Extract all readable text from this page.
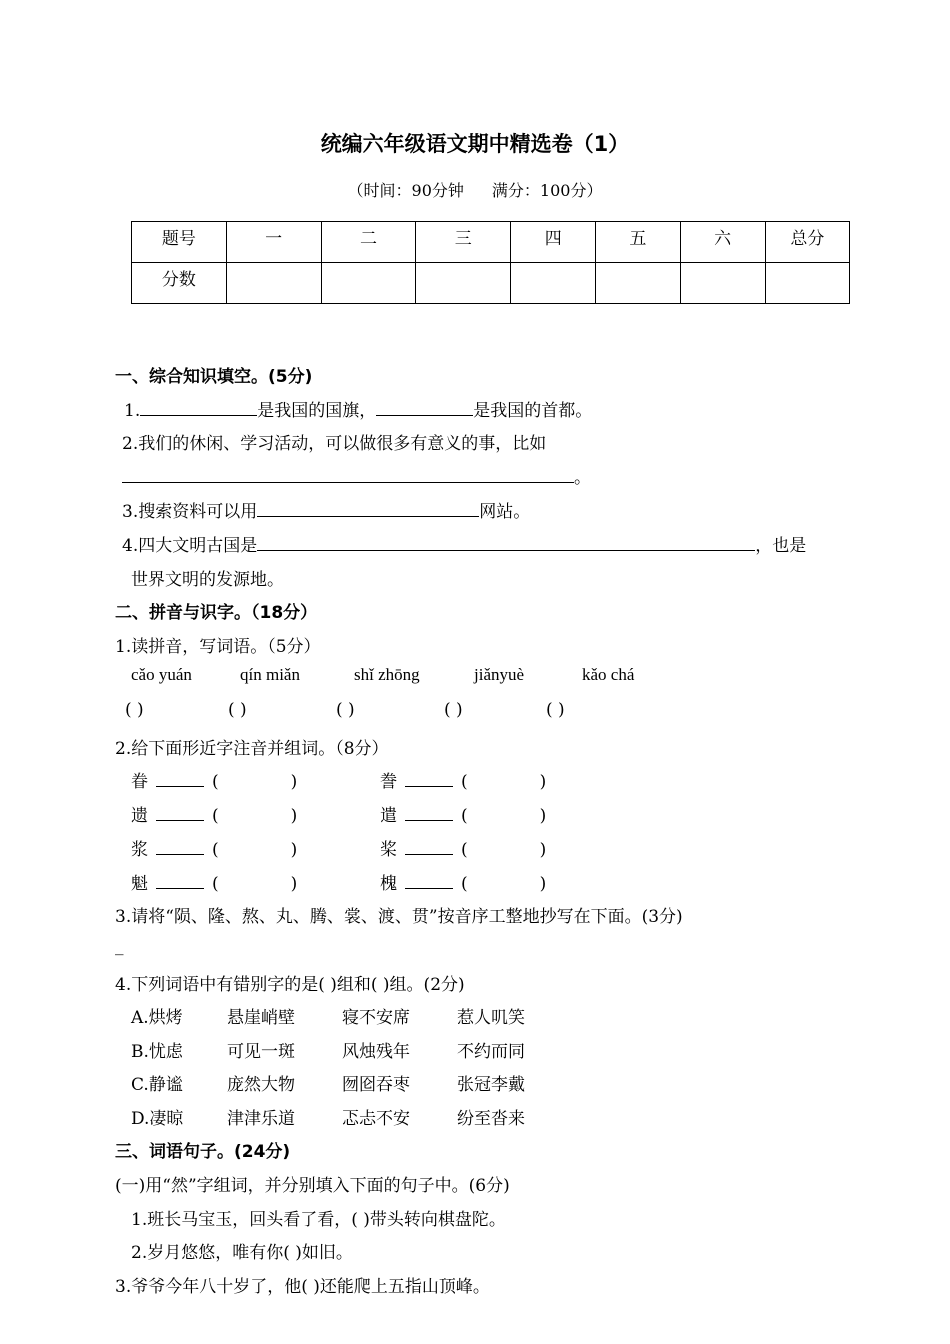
统编六年级语文期中精选卷（1）
（时间：90分钟 满分：100分）
题号	一	二	三	四	五	六	总分
分数							
一、综合知识填空。(5分)
1.	是我国的国旗，	是我国的首都。
2.我们的休闲、学习活动，可以做很多有意义的事，比如
。
3.搜索资料可以用	网站。
4.四大文明古国是	，也是
世界文明的发源地。
二、拼音与识字。（18分）
1.读拼音，写词语。（5分）
cǎo yuán	qín miǎn	shǐ zhōng	jiǎnyuè	kǎo chá
( )	( )	( )	( )	( )
2.给下面形近字注音并组词。（8分）
眷	(	)	誊	(	)
遗	(	)	遣	(	)
浆	(	)	桨	(	)
魁	(	)	槐	(	)
3.请将“陨、隆、熬、丸、腾、裳、渡、贯”按音序工整地抄写在下面。(3分)
_
4.下列词语中有错别字的是( )组和( )组。(2分)
A.烘烤	悬崖峭壁	寝不安席	惹人叽笑
B.忧虑	可见一斑	风烛残年	不约而同
C.静谧	庞然大物	囫囵吞枣	张冠李戴
D.凄晾	津津乐道	忑忐不安	纷至沓来
三、词语句子。(24分)
(一)用“然”字组词，并分别填入下面的句子中。(6分)
1.班长马宝玉，回头看了看，( )带头转向棋盘陀。
2.岁月悠悠，唯有你( )如旧。
3.爷爷今年八十岁了，他( )还能爬上五指山顶峰。
